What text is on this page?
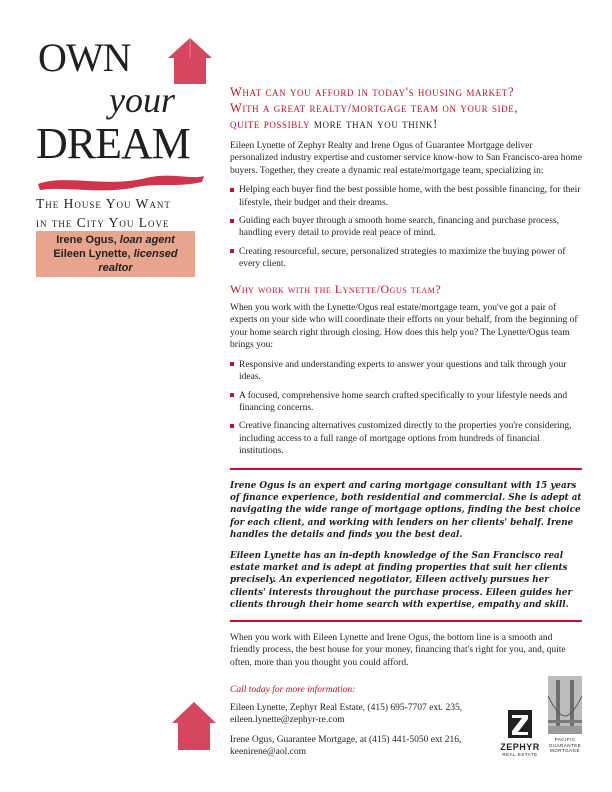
OWN
your
DREAM
The House You Want
in the City You Love
Irene Ogus, loan agent
Eileen Lynette, licensed realtor
What can you afford in today's housing market?
With a great realty/mortgage team on your side,
quite possibly more than you think!

Eileen Lynette of Zephyr Realty and Irene Ogus of Guarantee Mortgage deliver personalized industry expertise and customer service know-how to San Francisco-area home buyers. Together, they create a dynamic real estate/mortgage team, specializing in:

Helping each buyer find the best possible home, with the best possible financing, for their lifestyle, their budget and their dreams.
Guiding each buyer through a smooth home search, financing and purchase process, handling every detail to provide real peace of mind.
Creating resourceful, secure, personalized strategies to maximize the buying power of every client.
Why work with the Lynette/Ogus team?

When you work with the Lynette/Ogus real estate/mortgage team, you've got a pair of experts on your side who will coordinate their efforts on your behalf, from the beginning of your home search right through closing. How does this help you? The Lynette/Ogus team brings you:

Responsive and understanding experts to answer your questions and talk through your ideas.
A focused, comprehensive home search crafted specifically to your lifestyle needs and financing concerns.
Creative financing alternatives customized directly to the properties you're considering, including access to a full range of mortgage options from hundreds of financial institutions.

Irene Ogus is an expert and caring mortgage consultant with 15 years of finance experience, both residential and commercial. She is adept at navigating the wide range of mortgage options, finding the best choice for each client, and working with lenders on her clients' behalf. Irene handles the details and finds you the best deal.

Eileen Lynette has an in-depth knowledge of the San Francisco real estate market and is adept at finding properties that suit her clients precisely. An experienced negotiator, Eileen actively pursues her clients' interests throughout the purchase process. Eileen guides her clients through their home search with expertise, empathy and skill.

When you work with Eileen Lynette and Irene Ogus, the bottom line is a smooth and friendly process, the best house for your money, financing that's right for you, and, quite often, more than you thought you could afford.

Call today for more information:
Eileen Lynette, Zephyr Real Estate, (415) 695-7707 ext. 235,
eileen.lynette@zephyr-re.com
Irene Ogus, Guarantee Mortgage, at (415) 441-5050 ext 216,
keenirene@aol.com	ZEPHYR
REAL ESTATE
PACIFIC
GUARANTEE
MORTGAGE
